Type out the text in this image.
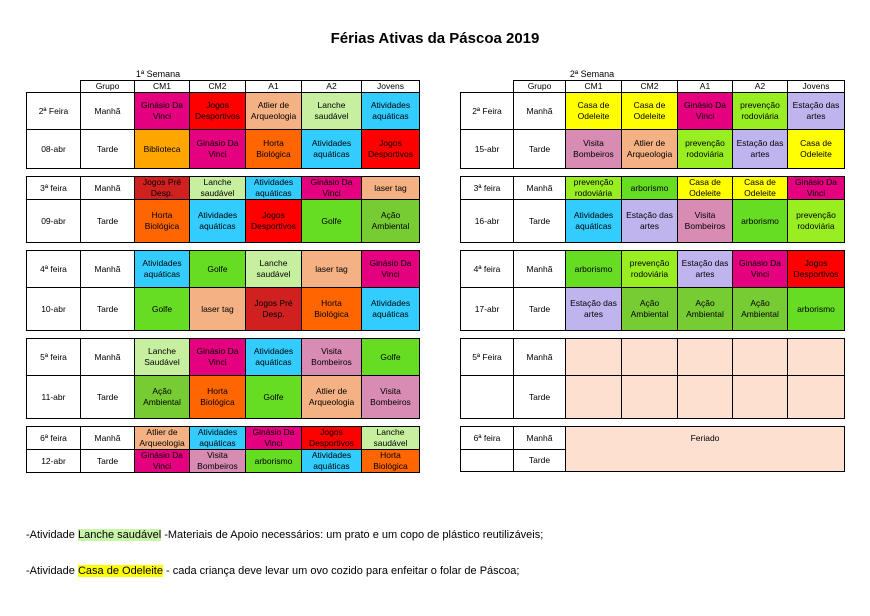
Férias Ativas da Páscoa 2019
1ª Semana	2ª Semana
	Grupo	CM1	CM2	A1	A2	Jovens
2ª Feira	Manhã	Ginásio Da Vinci	Jogos Desportivos	Atlier de Arqueologia	Lanche saudável	Atividades aquáticas
08-abr	Tarde	Biblioteca	Ginásio Da Vinci	Horta Biológica	Atividades aquáticas	Jogos Desportivos

3ª feira	Manhã	Jogos Pré Desp.	Lanche saudável	Atividades aquáticas	Ginásio Da Vinci	laser tag
09-abr	Tarde	Horta Biológica	Atividades aquáticas	Jogos Desportivos	Golfe	Ação Ambiental

4ª feira	Manhã	Atividades aquáticas	Golfe	Lanche saudável	laser tag	Ginásio Da Vinci
10-abr	Tarde	Golfe	laser tag	Jogos Pré Desp.	Horta Biológica	Atividades aquáticas

5ª feira	Manhã	Lanche Saudável	Ginásio Da Vinci	Atividades aquáticas	Visita Bombeiros	Golfe
11-abr	Tarde	Ação Ambiental	Horta Biológica	Golfe	Atlier de Arqueologia	Visita Bombeiros

6ª feira	Manhã	Atlier de Arqueologia	Atividades aquáticas	Ginásio Da Vinci	Jogos Desportivos	Lanche saudável
12-abr	Tarde	Ginásio Da Vinci	Visita Bombeiros	arborismo	Atividades aquáticas	Horta Biológica
	Grupo	CM1	CM2	A1	A2	Jovens
2ª Feira	Manhã	Casa de Odeleite	Casa de Odeleite	Ginásio Da Vinci	prevenção rodoviária	Estação das artes
15-abr	Tarde	Visita Bombeiros	Atlier de Arqueologia	prevenção rodoviária	Estação das artes	Casa de Odeleite

3ª feira	Manhã	prevenção rodoviária	arborismo	Casa de Odeleite	Casa de Odeleite	Ginásio Da Vinci
16-abr	Tarde	Atividades aquáticas	Estação das artes	Visita Bombeiros	arborismo	prevenção rodoviária

4ª feira	Manhã	arborismo	prevenção rodoviária	Estação das artes	Ginásio Da Vinci	Jogos Desportivos
17-abr	Tarde	Estação das artes	Ação Ambiental	Ação Ambiental	Ação Ambiental	arborismo

5ª Feira	Manhã					
	Tarde					

6ª feira	Manhã	Feriado				
	Tarde					
-Atividade Lanche saudável -Materiais de Apoio necessários: um prato e um copo de plástico reutilizáveis;
-Atividade Casa de Odeleite - cada criança deve levar um ovo cozido para enfeitar o folar de Páscoa;
